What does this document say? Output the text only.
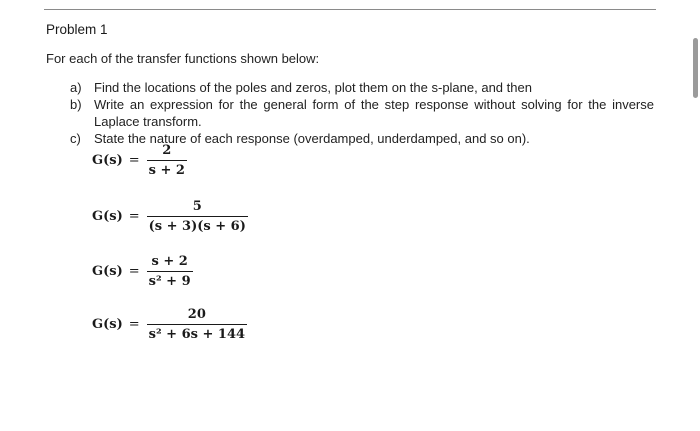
Problem 1
For each of the transfer functions shown below:
a) Find the locations of the poles and zeros, plot them on the s-plane, and then
b) Write an expression for the general form of the step response without solving for the inverse Laplace transform.
c) State the nature of each response (overdamped, underdamped, and so on).
$G(s) = \frac{2}{s + 2}$
$G(s) = \frac{5}{(s + 3)(s + 6)}$
$G(s) = \frac{s + 2}{\text{s² + 9}}$
$G(s) = \frac{20}{\text{s² + 6s + 144}}$
